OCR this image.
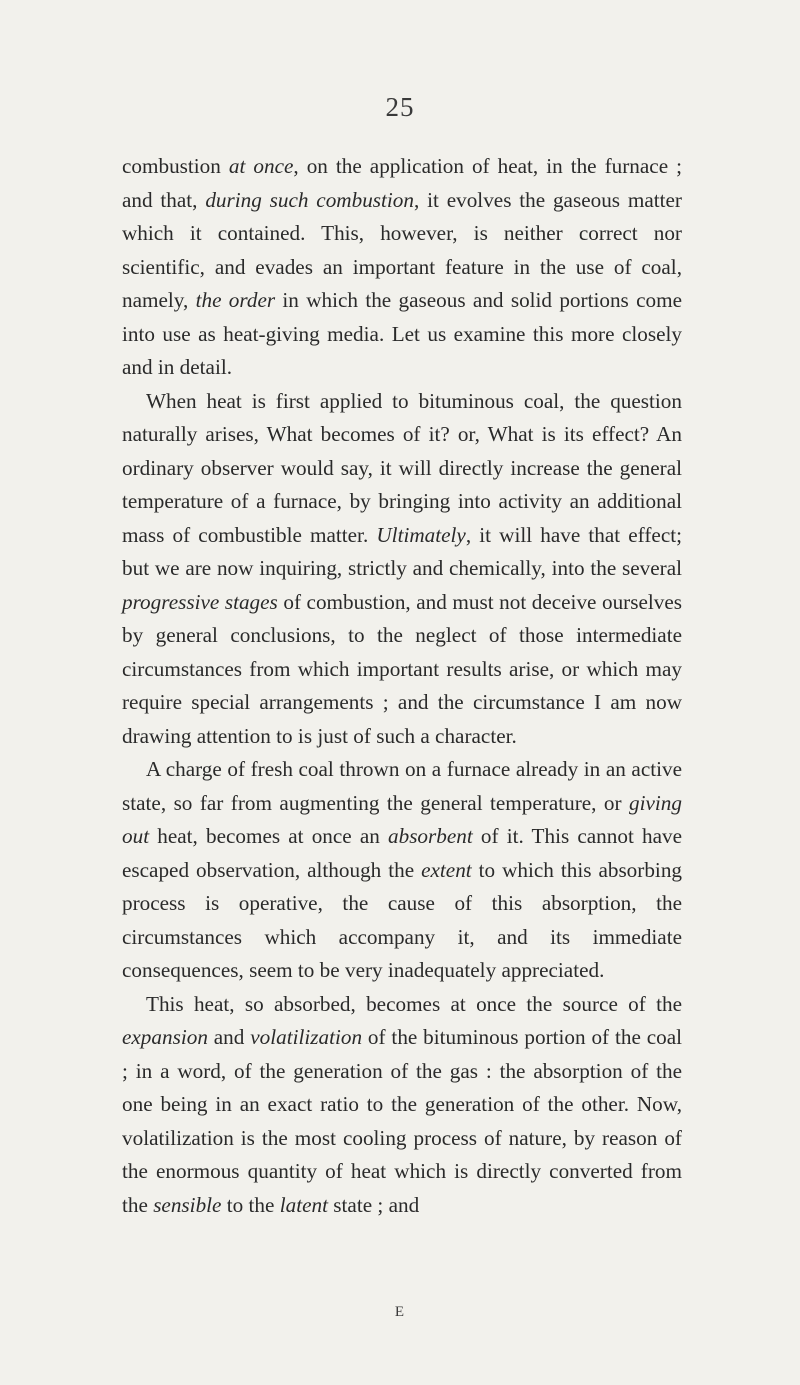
25

combustion at once, on the application of heat, in the furnace ; and that, during such combustion, it evolves the gaseous matter which it contained. This, however, is neither correct nor scientific, and evades an important feature in the use of coal, namely, the order in which the gaseous and solid portions come into use as heat-giving media. Let us examine this more closely and in detail.

When heat is first applied to bituminous coal, the question naturally arises, What becomes of it? or, What is its effect? An ordinary observer would say, it will directly increase the general temperature of a furnace, by bringing into activity an additional mass of combustible matter. Ultimately, it will have that effect; but we are now inquiring, strictly and chemically, into the several progressive stages of combustion, and must not deceive ourselves by general conclusions, to the neglect of those intermediate circumstances from which important results arise, or which may require special arrangements ; and the circumstance I am now drawing attention to is just of such a character.

A charge of fresh coal thrown on a furnace already in an active state, so far from augmenting the general temperature, or giving out heat, becomes at once an absorbent of it. This cannot have escaped observation, although the extent to which this absorbing process is operative, the cause of this absorption, the circumstances which accompany it, and its immediate consequences, seem to be very inadequately appreciated.

This heat, so absorbed, becomes at once the source of the expansion and volatilization of the bituminous portion of the coal ; in a word, of the generation of the gas : the absorption of the one being in an exact ratio to the generation of the other. Now, volatilization is the most cooling process of nature, by reason of the enormous quantity of heat which is directly converted from the sensible to the latent state ; and

E
